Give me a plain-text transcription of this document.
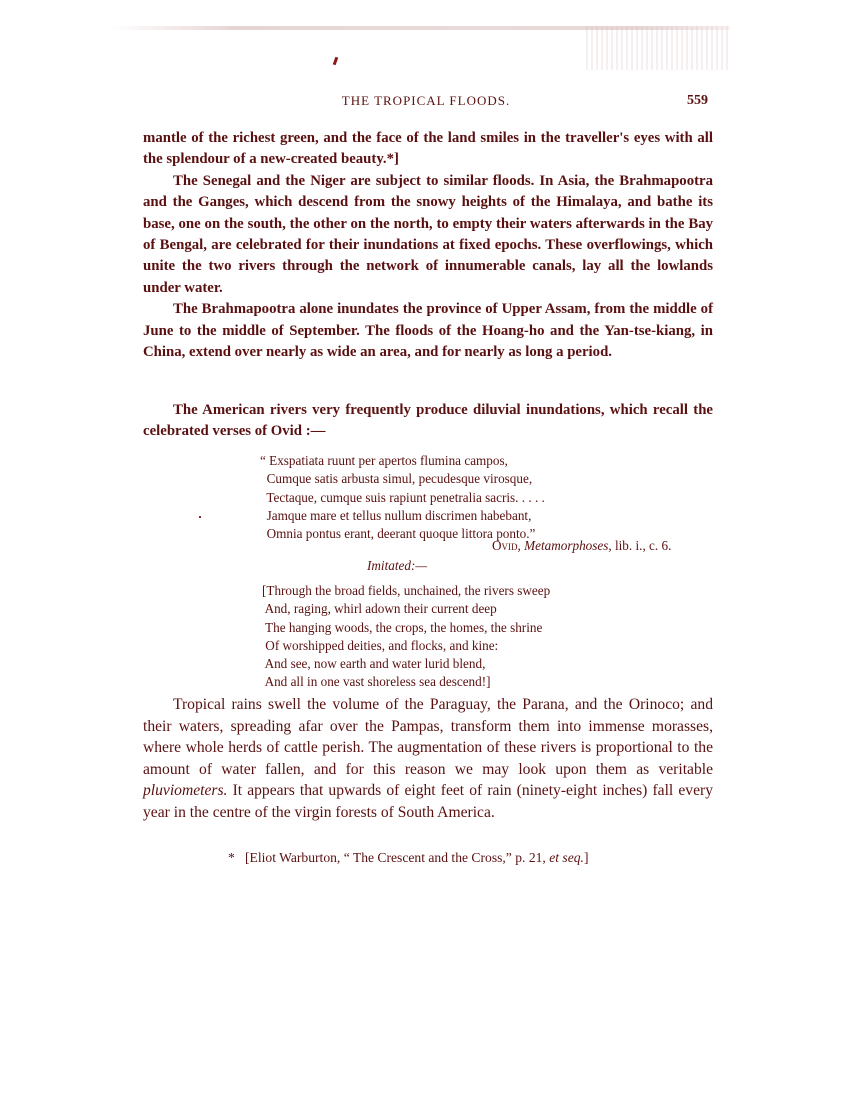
THE TROPICAL FLOODS.	559

mantle of the richest green, and the face of the land smiles in the traveller's eyes with all the splendour of a new-created beauty.*]

The Senegal and the Niger are subject to similar floods. In Asia, the Brahmapootra and the Ganges, which descend from the snowy heights of the Himalaya, and bathe its base, one on the south, the other on the north, to empty their waters afterwards in the Bay of Bengal, are celebrated for their inundations at fixed epochs. These overflowings, which unite the two rivers through the network of innumerable canals, lay all the lowlands under water.

The Brahmapootra alone inundates the province of Upper Assam, from the middle of June to the middle of September. The floods of the Hoang-ho and the Yan-tse-kiang, in China, extend over nearly as wide an area, and for nearly as long a period.

The American rivers very frequently produce diluvial inundations, which recall the celebrated verses of Ovid :—

“ Exspatiata ruunt per apertos flumina campos,
Cumque satis arbusta simul, pecudesque virosque,
Tectaque, cumque suis rapiunt penetralia sacris. . . . .
Jamque mare et tellus nullum discrimen habebant,
Omnia pontus erant, deerant quoque littora ponto.”
Ovid, Metamorphoses, lib. i., c. 6.
Imitated:—
[Through the broad fields, unchained, the rivers sweep
And, raging, whirl adown their current deep
The hanging woods, the crops, the homes, the shrine
Of worshipped deities, and flocks, and kine:
And see, now earth and water lurid blend,
And all in one vast shoreless sea descend!]

Tropical rains swell the volume of the Paraguay, the Parana, and the Orinoco; and their waters, spreading afar over the Pampas, transform them into immense morasses, where whole herds of cattle perish. The augmentation of these rivers is proportional to the amount of water fallen, and for this reason we may look upon them as veritable pluviometers. It appears that upwards of eight feet of rain (ninety-eight inches) fall every year in the centre of the virgin forests of South America.

* [Eliot Warburton, “ The Crescent and the Cross,” p. 21, et seq.]
